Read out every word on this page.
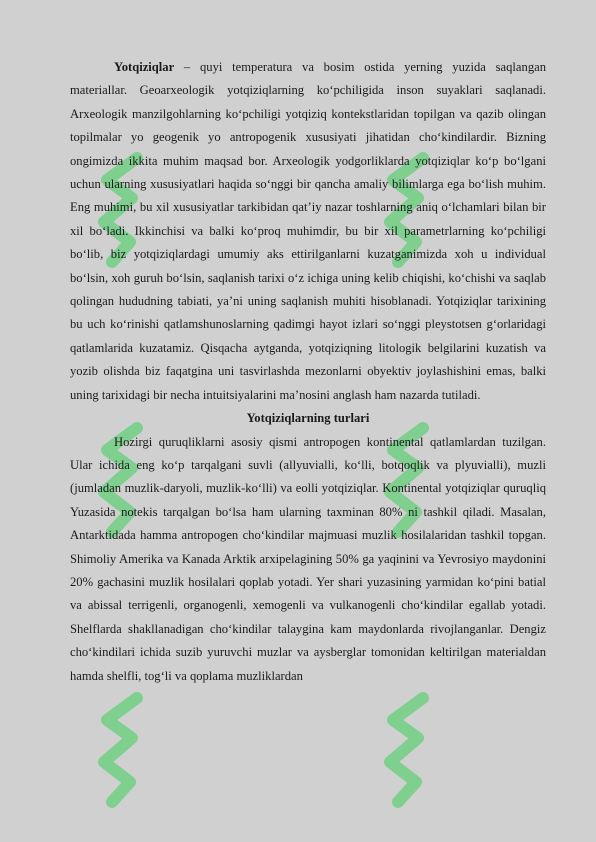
Yotqiziqlar – quyi temperatura va bosim ostida yerning yuzida saqlangan materiallar. Geoarxeologik yotqiziqlarning ko‘pchiligida inson suyaklari saqlanadi. Arxeologik manzilgohlarning ko‘pchiligi yotqiziq kontekstlaridan topilgan va qazib olingan topilmalar yo geogenik yo antropogenik xususiyati jihatidan cho‘kindilardir. Bizning ongimizda ikkita muhim maqsad bor. Arxeologik yodgorliklarda yotqiziqlar ko‘p bo‘lgani uchun ularning xususiyatlari haqida so‘nggi bir qancha amaliy bilimlarga ega bo‘lish muhim. Eng muhimi, bu xil xususiyatlar tarkibidan qat’iy nazar toshlarning aniq o‘lchamlari bilan bir xil bo‘ladi. Ikkinchisi va balki ko‘proq muhimdir, bu bir xil parametrlarning ko‘pchiligi bo‘lib, biz yotqiziqlardagi umumiy aks ettirilganlarni kuzatganimizda xoh u individual bo‘lsin, xoh guruh bo‘lsin, saqlanish tarixi o‘z ichiga uning kelib chiqishi, ko‘chishi va saqlab qolingan hududning tabiati, ya’ni uning saqlanish muhiti hisoblanadi. Yotqiziqlar tarixining bu uch ko‘rinishi qatlamshunoslarning qadimgi hayot izlari so‘nggi pleystotsen g‘orlaridagi qatlamlarida kuzatamiz. Qisqacha aytganda, yotqiziqning litologik belgilarini kuzatish va yozib olishda biz faqatgina uni tasvirlashda mezonlarni obyektiv joylashishini emas, balki uning tarixidagi bir necha intuitsiyalarini ma’nosini anglash ham nazarda tutiladi.

Yotqiziqlarning turlari

Hozirgi quruqliklarni asosiy qismi antropogen kontinental qatlamlardan tuzilgan. Ular ichida eng ko‘p tarqalgani suvli (allyuvialli, ko‘lli, botqoqlik va plyuvialli), muzli (jumladan muzlik-daryoli, muzlik-ko‘lli) va eolli yotqiziqlar. Kontinental yotqiziqlar quruqliq Yuzasida notekis tarqalgan bo‘lsa ham ularning taxminan 80% ni tashkil qiladi. Masalan, Antarktidada hamma antropogen cho‘kindilar majmuasi muzlik hosilalaridan tashkil topgan. Shimoliy Amerika va Kanada Arktik arxipelagining 50% ga yaqinini va Yevrosiyo maydonini 20% gachasini muzlik hosilalari qoplab yotadi. Yer shari yuzasining yarmidan ko‘pini batial va abissal terrigenli, organogenli, xemogenli va vulkanogenli cho‘kindilar egallab yotadi. Shelflarda shakllanadigan cho‘kindilar talaygina kam maydonlarda rivojlanganlar. Dengiz cho‘kindilari ichida suzib yuruvchi muzlar va aysberglar tomonidan keltirilgan materialdan hamda shelfli, tog‘li va qoplama muzliklardan
